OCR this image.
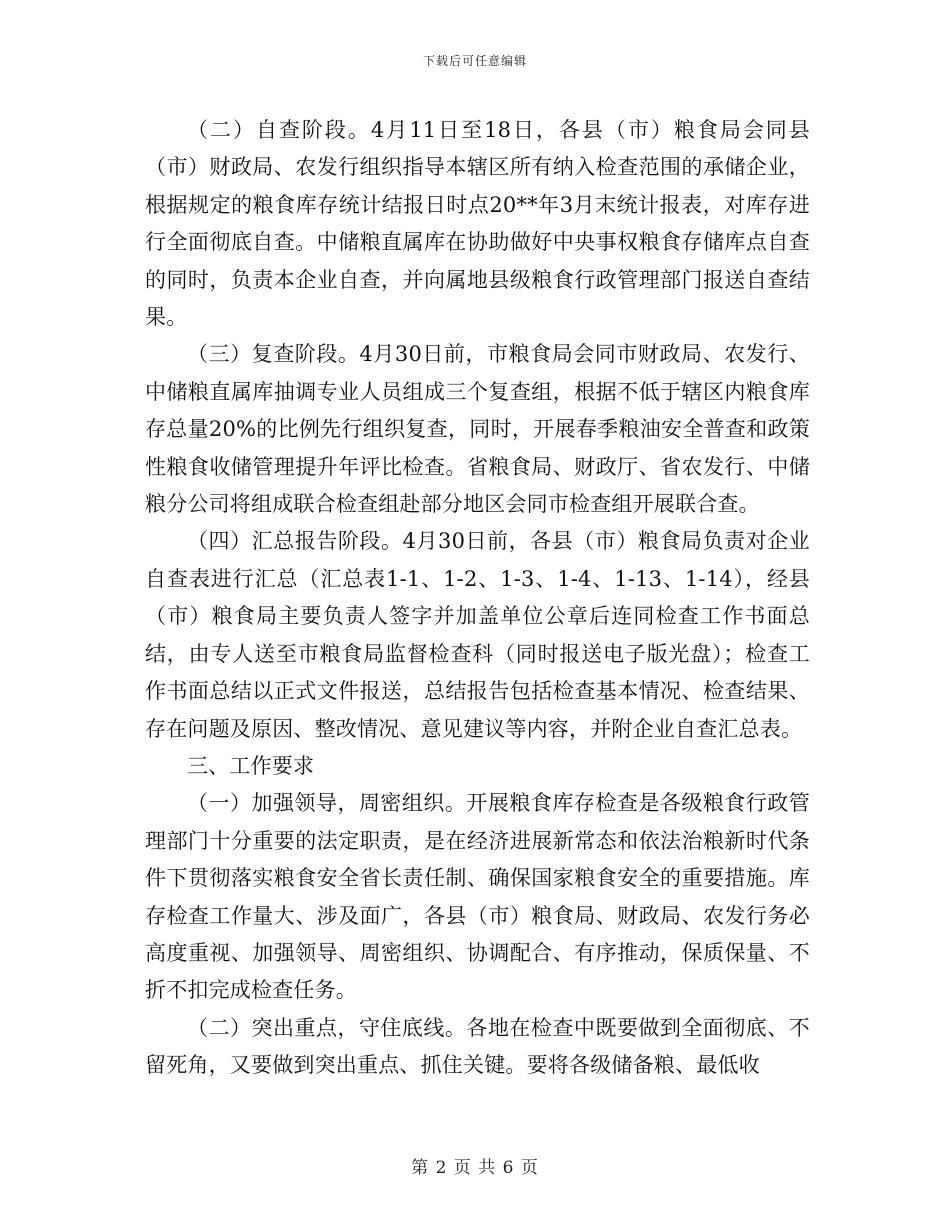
下载后可任意编辑

（二）自查阶段。4月11日至18日，各县（市）粮食局会同县（市）财政局、农发行组织指导本辖区所有纳入检查范围的承储企业，根据规定的粮食库存统计结报日时点20**年3月末统计报表，对库存进行全面彻底自查。中储粮直属库在协助做好中央事权粮食存储库点自查的同时，负责本企业自查，并向属地县级粮食行政管理部门报送自查结果。

（三）复查阶段。4月30日前，市粮食局会同市财政局、农发行、中储粮直属库抽调专业人员组成三个复查组，根据不低于辖区内粮食库存总量20%的比例先行组织复查，同时，开展春季粮油安全普查和政策性粮食收储管理提升年评比检查。省粮食局、财政厅、省农发行、中储粮分公司将组成联合检查组赴部分地区会同市检查组开展联合查。

（四）汇总报告阶段。4月30日前，各县（市）粮食局负责对企业自查表进行汇总（汇总表1-1、1-2、1-3、1-4、1-13、1-14），经县（市）粮食局主要负责人签字并加盖单位公章后连同检查工作书面总结，由专人送至市粮食局监督检查科（同时报送电子版光盘）；检查工作书面总结以正式文件报送，总结报告包括检查基本情况、检查结果、存在问题及原因、整改情况、意见建议等内容，并附企业自查汇总表。

三、工作要求

（一）加强领导，周密组织。开展粮食库存检查是各级粮食行政管理部门十分重要的法定职责，是在经济进展新常态和依法治粮新时代条件下贯彻落实粮食安全省长责任制、确保国家粮食安全的重要措施。库存检查工作量大、涉及面广，各县（市）粮食局、财政局、农发行务必高度重视、加强领导、周密组织、协调配合、有序推动，保质保量、不折不扣完成检查任务。

（二）突出重点，守住底线。各地在检查中既要做到全面彻底、不留死角，又要做到突出重点、抓住关键。要将各级储备粮、最低收

第 2 页 共 6 页
